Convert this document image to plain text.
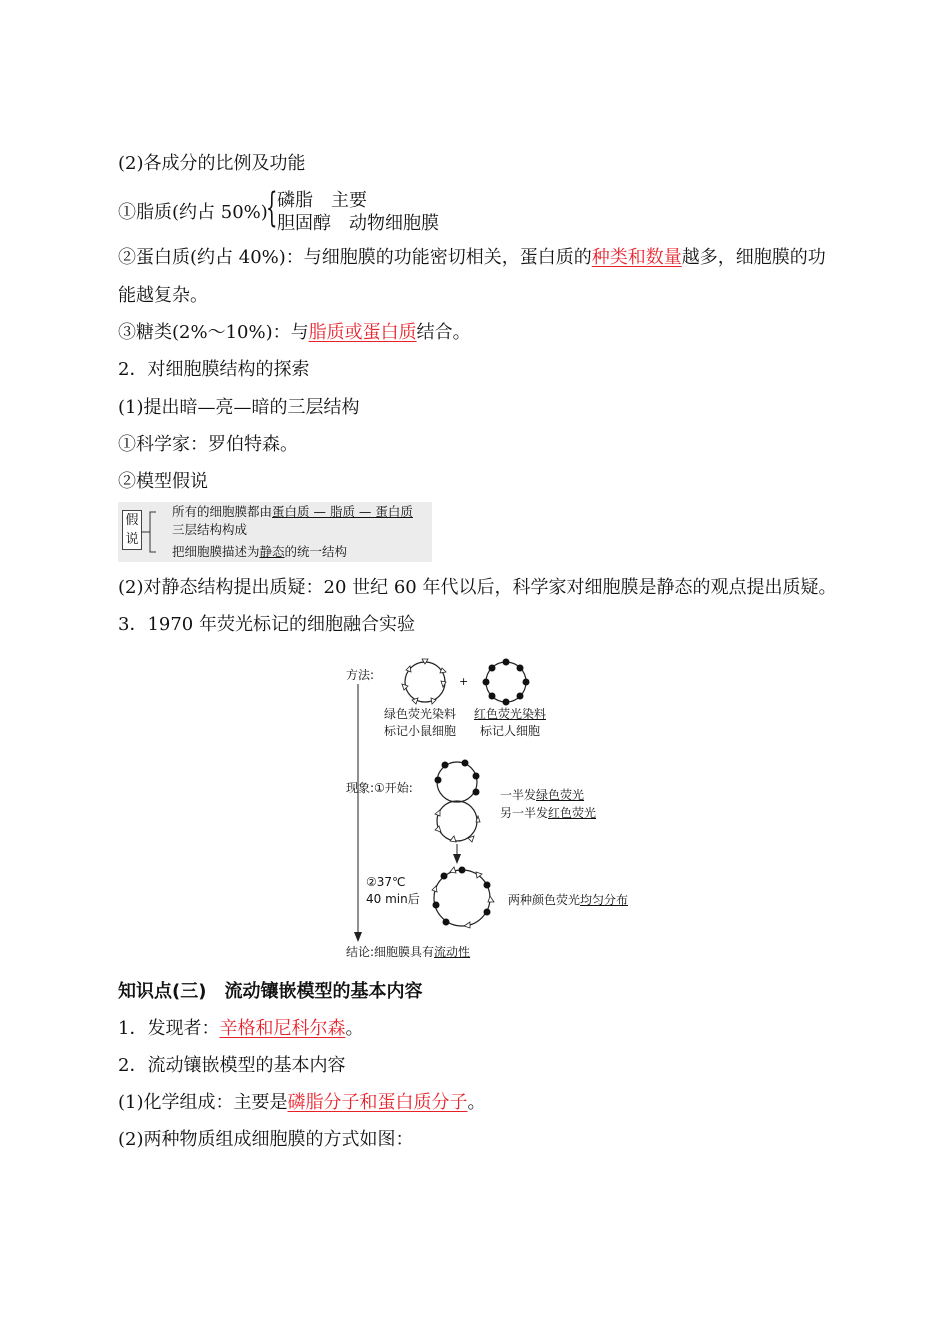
(2)各成分的比例及功能
①脂质(约占 50%)
{ 磷脂　主要
胆固醇　动物细胞膜
②蛋白质(约占 40%)：与细胞膜的功能密切相关，蛋白质的种类和数量越多，细胞膜的功
能越复杂。
③糖类(2%～10%)：与脂质或蛋白质结合。
2．对细胞膜结构的探索
(1)提出暗—亮—暗的三层结构
①科学家：罗伯特森。
②模型假说
假说
所有的细胞膜都由蛋白质 — 脂质 — 蛋白质
三层结构构成
把细胞膜描述为静态的统一结构
(2)对静态结构提出质疑：20 世纪 60 年代以后，科学家对细胞膜是静态的观点提出质疑。
3．1970 年荧光标记的细胞融合实验
方法:	+
绿色荧光染料
标记小鼠细胞
红色荧光染料
标记人细胞
现象:①开始:	一半发绿色荧光
另一半发红色荧光
②37℃
40 min后	两种颜色荧光均匀分布
结论:细胞膜具有流动性
知识点(三)　流动镶嵌模型的基本内容
1．发现者：辛格和尼科尔森。
2．流动镶嵌模型的基本内容
(1)化学组成：主要是磷脂分子和蛋白质分子。
(2)两种物质组成细胞膜的方式如图：
